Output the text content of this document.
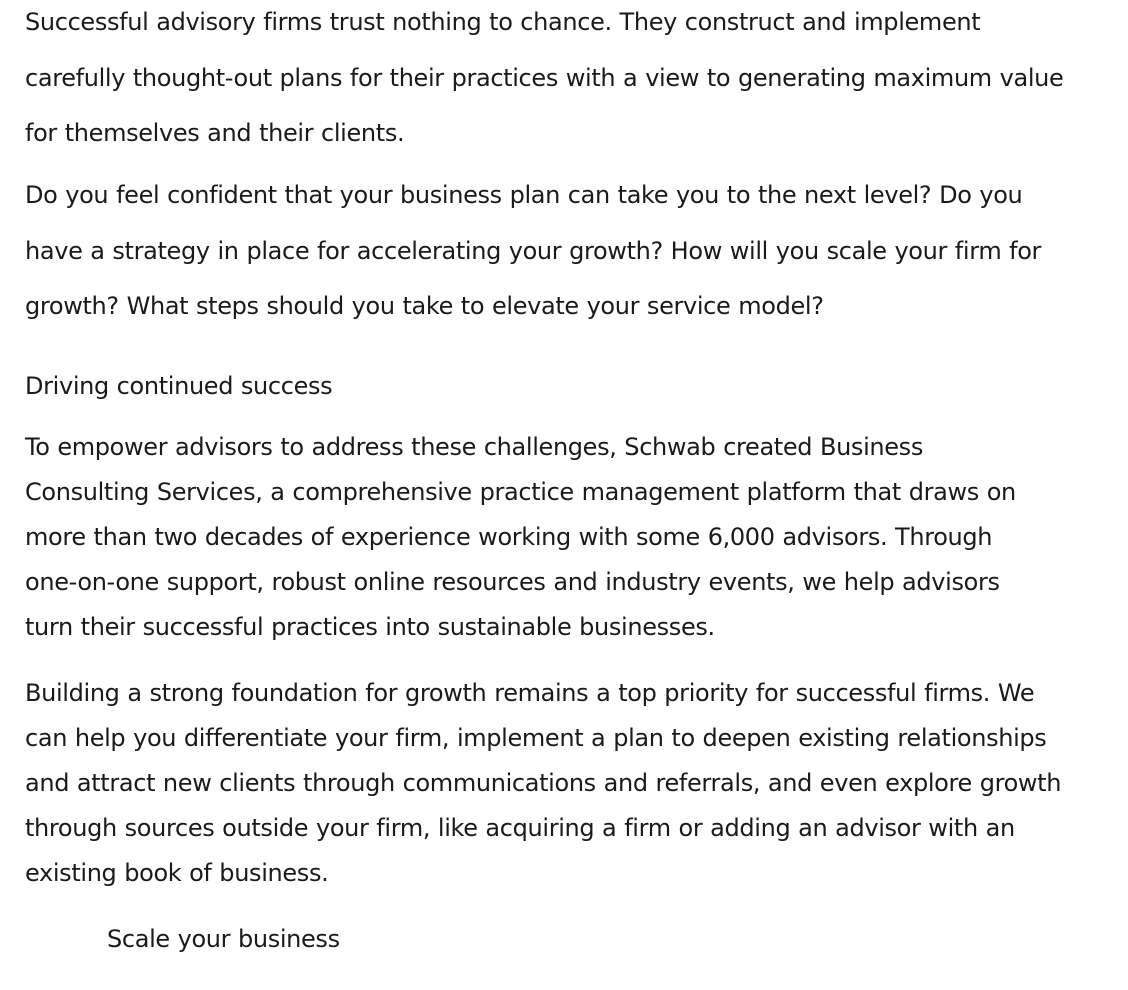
Successful advisory firms trust nothing to chance. They construct and implement
carefully thought-out plans for their practices with a view to generating maximum value
for themselves and their clients.

Do you feel confident that your business plan can take you to the next level? Do you
have a strategy in place for accelerating your growth? How will you scale your firm for
growth? What steps should you take to elevate your service model?

Driving continued success

To empower advisors to address these challenges, Schwab created Business
Consulting Services, a comprehensive practice management platform that draws on
more than two decades of experience working with some 6,000 advisors. Through
one-on-one support, robust online resources and industry events, we help advisors
turn their successful practices into sustainable businesses.

Building a strong foundation for growth remains a top priority for successful firms. We
can help you differentiate your firm, implement a plan to deepen existing relationships
and attract new clients through communications and referrals, and even explore growth
through sources outside your firm, like acquiring a firm or adding an advisor with an
existing book of business.

Scale your business
